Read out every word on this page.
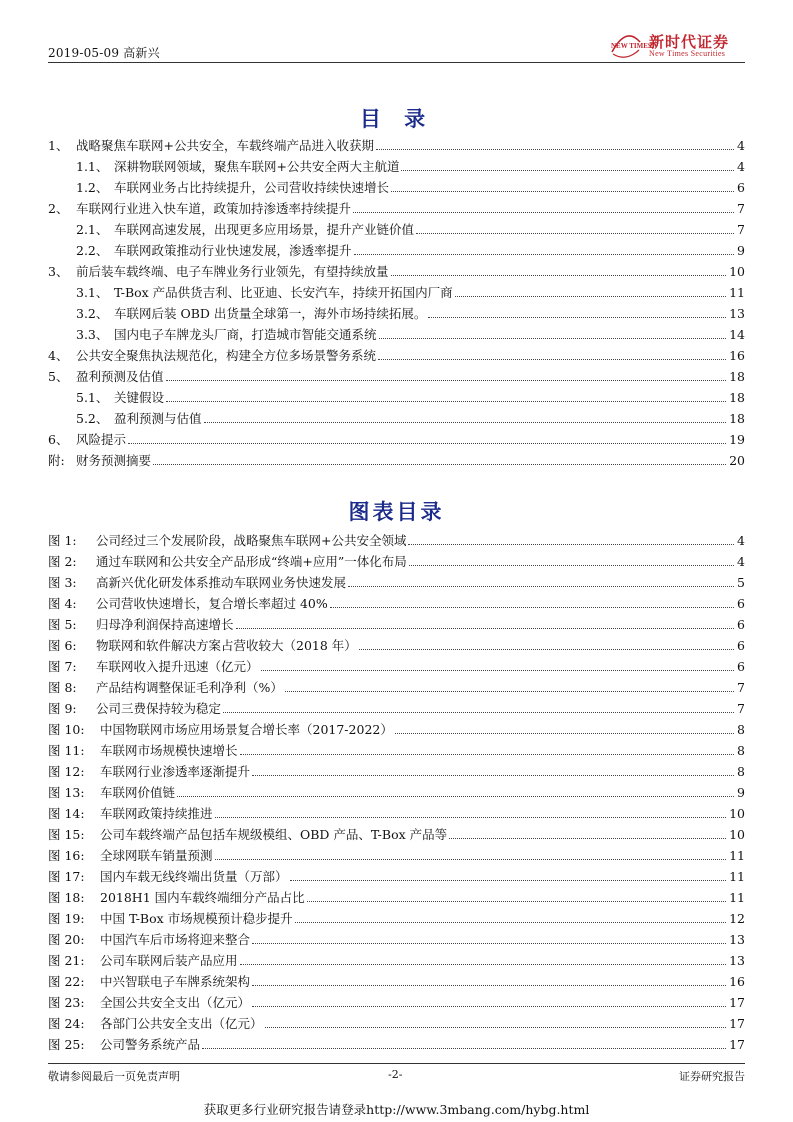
2019-05-09 高新兴	NEW TIMES
新时代证券
New Times Securities
目 录
1、 战略聚焦车联网+公共安全，车载终端产品进入收获期	4
1.1、 深耕物联网领域，聚焦车联网+公共安全两大主航道	4
1.2、 车联网业务占比持续提升，公司营收持续快速增长	6
2、 车联网行业进入快车道，政策加持渗透率持续提升	7
2.1、 车联网高速发展，出现更多应用场景，提升产业链价值	7
2.2、 车联网政策推动行业快速发展，渗透率提升	9
3、 前后装车载终端、电子车牌业务行业领先，有望持续放量	10
3.1、 T-Box 产品供货吉利、比亚迪、长安汽车，持续开拓国内厂商	11
3.2、 车联网后装 OBD 出货量全球第一，海外市场持续拓展。	13
3.3、 国内电子车牌龙头厂商，打造城市智能交通系统	14
4、 公共安全聚焦执法规范化，构建全方位多场景警务系统	16
5、 盈利预测及估值	18
5.1、 关键假设	18
5.2、 盈利预测与估值	18
6、 风险提示	19
附: 财务预测摘要	20
图表目录
图 1: 公司经过三个发展阶段，战略聚焦车联网+公共安全领域	4
图 2: 通过车联网和公共安全产品形成“终端+应用”一体化布局	4
图 3: 高新兴优化研发体系推动车联网业务快速发展	5
图 4: 公司营收快速增长，复合增长率超过 40%	6
图 5: 归母净利润保持高速增长	6
图 6: 物联网和软件解决方案占营收较大（2018 年）	6
图 7: 车联网收入提升迅速（亿元）	6
图 8: 产品结构调整保证毛利净利（%）	7
图 9: 公司三费保持较为稳定	7
图 10: 中国物联网市场应用场景复合增长率（2017-2022）	8
图 11: 车联网市场规模快速增长	8
图 12: 车联网行业渗透率逐渐提升	8
图 13: 车联网价值链	9
图 14: 车联网政策持续推进	10
图 15: 公司车载终端产品包括车规级模组、OBD 产品、T-Box 产品等	10
图 16: 全球网联车销量预测	11
图 17: 国内车载无线终端出货量（万部）	11
图 18: 2018H1 国内车载终端细分产品占比	11
图 19: 中国 T-Box 市场规模预计稳步提升	12
图 20: 中国汽车后市场将迎来整合	13
图 21: 公司车联网后装产品应用	13
图 22: 中兴智联电子车牌系统架构	16
图 23: 全国公共安全支出（亿元）	17
图 24: 各部门公共安全支出（亿元）	17
图 25: 公司警务系统产品	17
敬请参阅最后一页免责声明	-2-	证券研究报告
获取更多行业研究报告请登录http://www.3mbang.com/hybg.html
